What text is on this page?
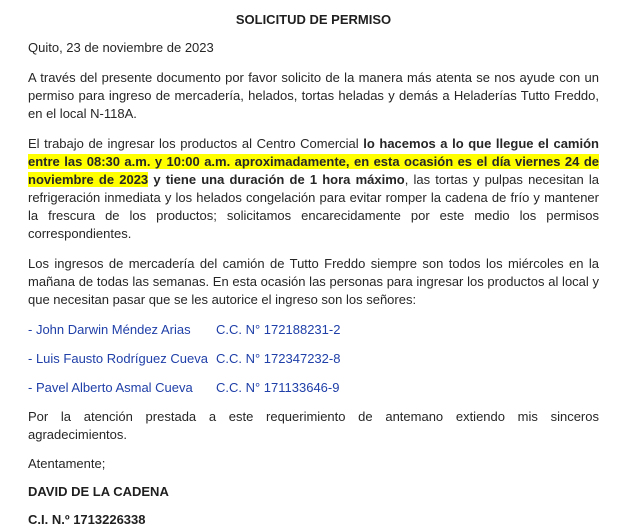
SOLICITUD DE PERMISO

Quito, 23 de noviembre de 2023

A través del presente documento por favor solicito de la manera más atenta se nos ayude con un permiso para ingreso de mercadería, helados, tortas heladas y demás a Heladerías Tutto Freddo, en el local N-118A.

El trabajo de ingresar los productos al Centro Comercial lo hacemos a lo que llegue el camión entre las 08:30 a.m. y 10:00 a.m. aproximadamente, en esta ocasión es el día viernes 24 de noviembre de 2023 y tiene una duración de 1 hora máximo, las tortas y pulpas necesitan la refrigeración inmediata y los helados congelación para evitar romper la cadena de frío y mantener la frescura de los productos; solicitamos encarecidamente por este medio los permisos correspondientes.

Los ingresos de mercadería del camión de Tutto Freddo siempre son todos los miércoles en la mañana de todas las semanas. En esta ocasión las personas para ingresar los productos al local y que necesitan pasar que se les autorice el ingreso son los señores:

- John Darwin Méndez Arias C.C. N° 172188231-2

- Luis Fausto Rodríguez Cueva C.C. N° 172347232-8

- Pavel Alberto Asmal Cueva C.C. N° 171133646-9

Por la atención prestada a este requerimiento de antemano extiendo mis sinceros agradecimientos.

Atentamente;

DAVID DE LA CADENA

C.I. N.º 1713226338
